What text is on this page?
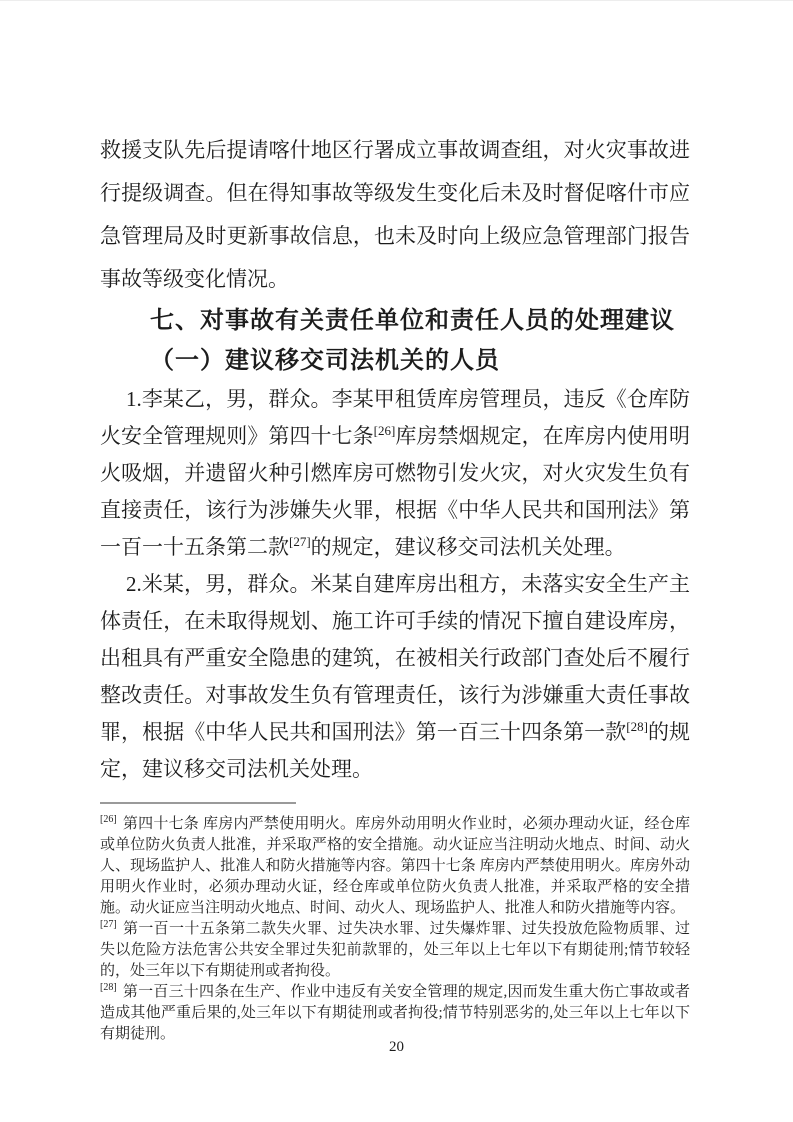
救援支队先后提请喀什地区行署成立事故调查组，对火灾事故进行提级调查。但在得知事故等级发生变化后未及时督促喀什市应急管理局及时更新事故信息，也未及时向上级应急管理部门报告事故等级变化情况。

七、对事故有关责任单位和责任人员的处理建议

（一）建议移交司法机关的人员

1.李某乙，男，群众。李某甲租赁库房管理员，违反《仓库防火安全管理规则》第四十七条[26]库房禁烟规定，在库房内使用明火吸烟，并遗留火种引燃库房可燃物引发火灾，对火灾发生负有直接责任，该行为涉嫌失火罪，根据《中华人民共和国刑法》第一百一十五条第二款[27]的规定，建议移交司法机关处理。

2.米某，男，群众。米某自建库房出租方，未落实安全生产主体责任，在未取得规划、施工许可手续的情况下擅自建设库房，出租具有严重安全隐患的建筑，在被相关行政部门查处后不履行整改责任。对事故发生负有管理责任，该行为涉嫌重大责任事故罪，根据《中华人民共和国刑法》第一百三十四条第一款[28]的规定，建议移交司法机关处理。

[26] 第四十七条 库房内严禁使用明火。库房外动用明火作业时，必须办理动火证，经仓库或单位防火负责人批准，并采取严格的安全措施。动火证应当注明动火地点、时间、动火人、现场监护人、批准人和防火措施等内容。第四十七条 库房内严禁使用明火。库房外动用明火作业时，必须办理动火证，经仓库或单位防火负责人批准，并采取严格的安全措施。动火证应当注明动火地点、时间、动火人、现场监护人、批准人和防火措施等内容。

[27] 第一百一十五条第二款失火罪、过失决水罪、过失爆炸罪、过失投放危险物质罪、过失以危险方法危害公共安全罪过失犯前款罪的，处三年以上七年以下有期徒刑;情节较轻的，处三年以下有期徒刑或者拘役。

[28] 第一百三十四条在生产、作业中违反有关安全管理的规定,因而发生重大伤亡事故或者造成其他严重后果的,处三年以下有期徒刑或者拘役;情节特别恶劣的,处三年以上七年以下有期徒刑。

20
